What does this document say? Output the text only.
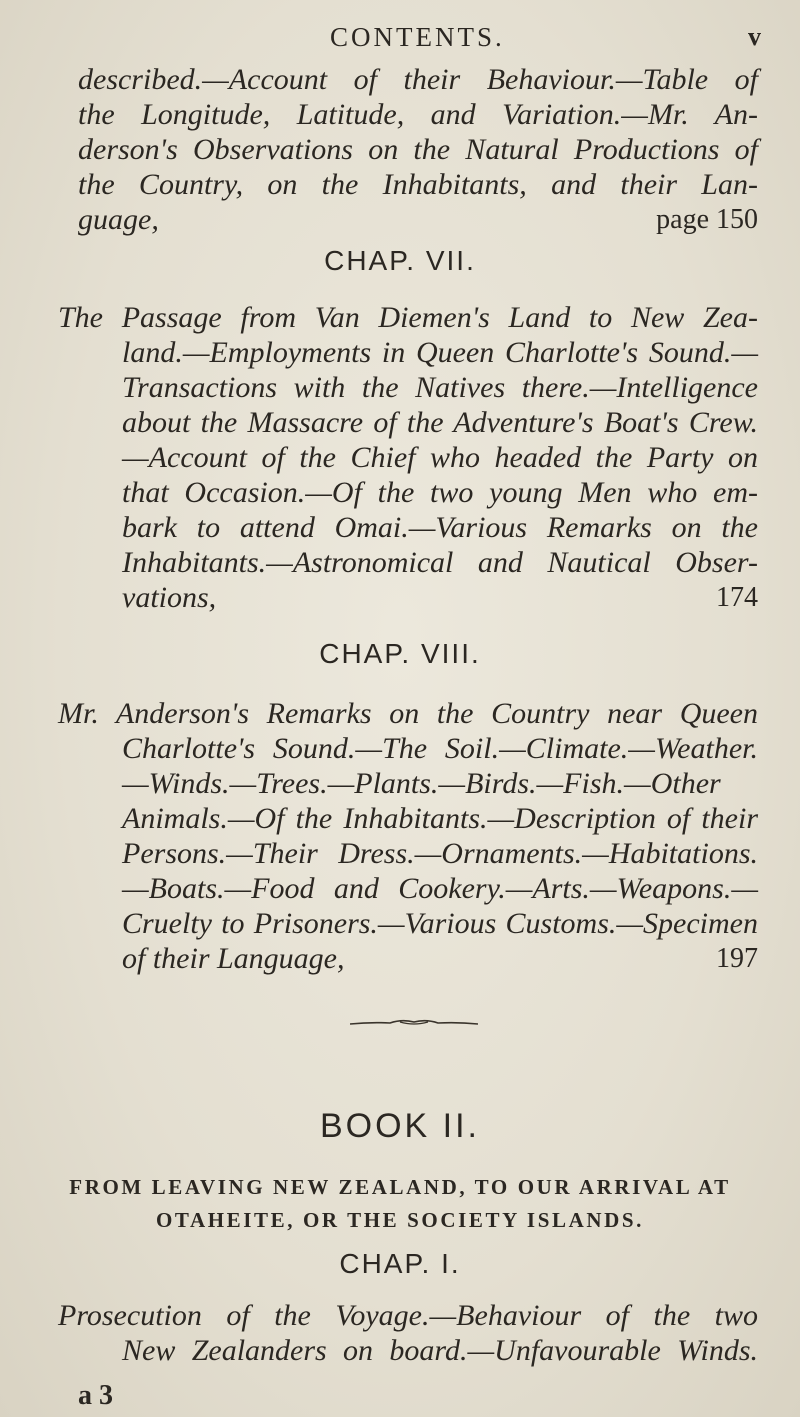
CONTENTS.	v
described.—Account of their Behaviour.—Table of
the Longitude, Latitude, and Variation.—Mr. An-
derson's Observations on the Natural Productions of
the Country, on the Inhabitants, and their Lan-
guage,	page 150
CHAP. VII.
The Passage from Van Diemen's Land to New Zea-
land.—Employments in Queen Charlotte's Sound.—
Transactions with the Natives there.—Intelligence
about the Massacre of the Adventure's Boat's Crew.
—Account of the Chief who headed the Party on
that Occasion.—Of the two young Men who em-
bark to attend Omai.—Various Remarks on the
Inhabitants.—Astronomical and Nautical Obser-
vations,	174
CHAP. VIII.
Mr. Anderson's Remarks on the Country near Queen
Charlotte's Sound.—The Soil.—Climate.—Weather.
—Winds.—Trees.—Plants.—Birds.—Fish.—Other
Animals.—Of the Inhabitants.—Description of their
Persons.—Their Dress.—Ornaments.—Habitations.
—Boats.—Food and Cookery.—Arts.—Weapons.—
Cruelty to Prisoners.—Various Customs.—Specimen
of their Language,	197
BOOK II.
FROM LEAVING NEW ZEALAND, TO OUR ARRIVAL AT
OTAHEITE, OR THE SOCIETY ISLANDS.
CHAP. I.
Prosecution of the Voyage.—Behaviour of the two
New Zealanders on board.—Unfavourable Winds.
a 3
